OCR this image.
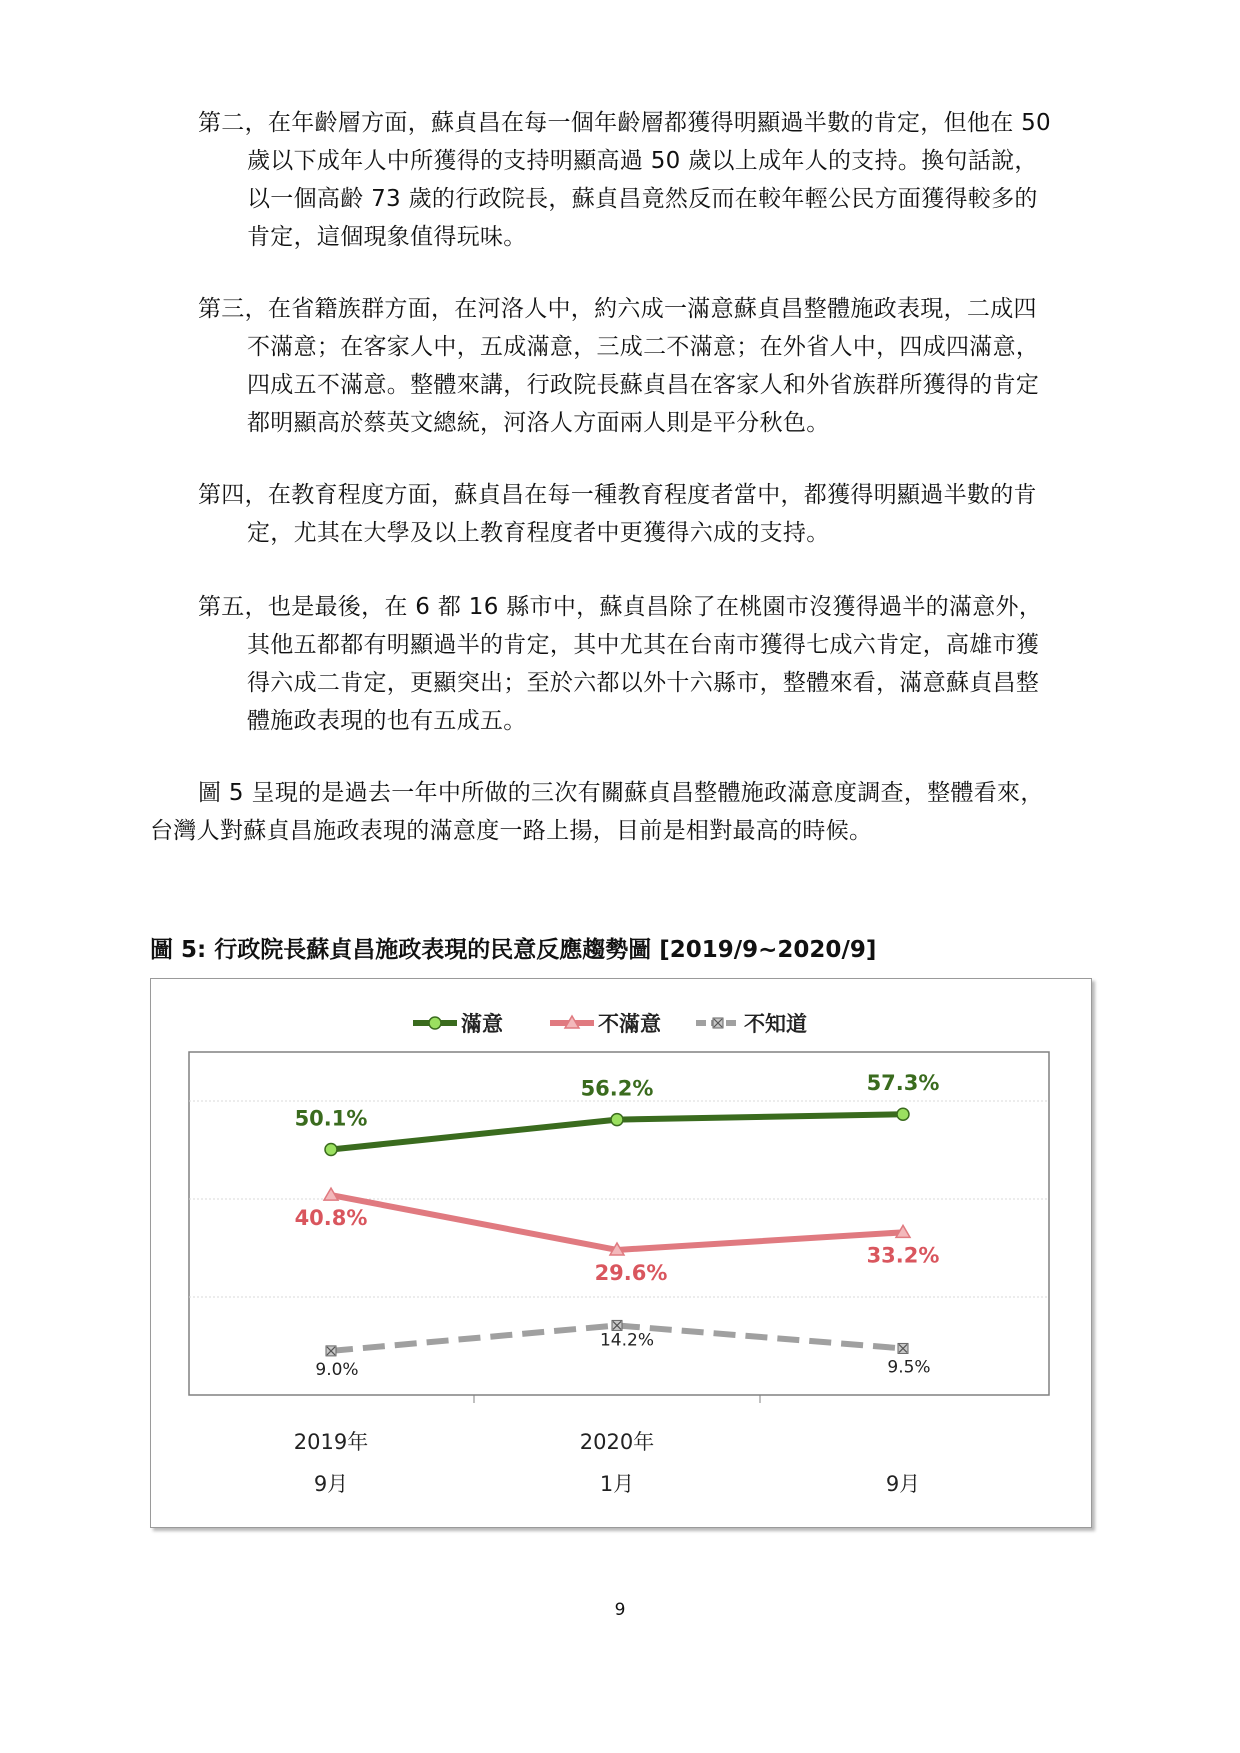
第二，在年齡層方面，蘇貞昌在每一個年齡層都獲得明顯過半數的肯定，但他在 50
歲以下成年人中所獲得的支持明顯高過 50 歲以上成年人的支持。換句話說，
以一個高齡 73 歲的行政院長，蘇貞昌竟然反而在較年輕公民方面獲得較多的
肯定，這個現象值得玩味。
第三，在省籍族群方面，在河洛人中，約六成一滿意蘇貞昌整體施政表現，二成四
不滿意；在客家人中，五成滿意，三成二不滿意；在外省人中，四成四滿意，
四成五不滿意。整體來講，行政院長蘇貞昌在客家人和外省族群所獲得的肯定
都明顯高於蔡英文總統，河洛人方面兩人則是平分秋色。
第四，在教育程度方面，蘇貞昌在每一種教育程度者當中，都獲得明顯過半數的肯
定，尤其在大學及以上教育程度者中更獲得六成的支持。
第五，也是最後，在 6 都 16 縣市中，蘇貞昌除了在桃園市沒獲得過半的滿意外，
其他五都都有明顯過半的肯定，其中尤其在台南市獲得七成六肯定，高雄市獲
得六成二肯定，更顯突出；至於六都以外十六縣市，整體來看，滿意蘇貞昌整
體施政表現的也有五成五。
圖 5 呈現的是過去一年中所做的三次有關蘇貞昌整體施政滿意度調查，整體看來，
台灣人對蘇貞昌施政表現的滿意度一路上揚，目前是相對最高的時候。
圖 5: 行政院長蘇貞昌施政表現的民意反應趨勢圖 [2019/9~2020/9]
滿意	不滿意	不知道
50.1%
56.2%	57.3%
40.8%
29.6%
33.2%
9.0%
14.2%
9.5%
2019年
9月
2020年
1月	9月
9
